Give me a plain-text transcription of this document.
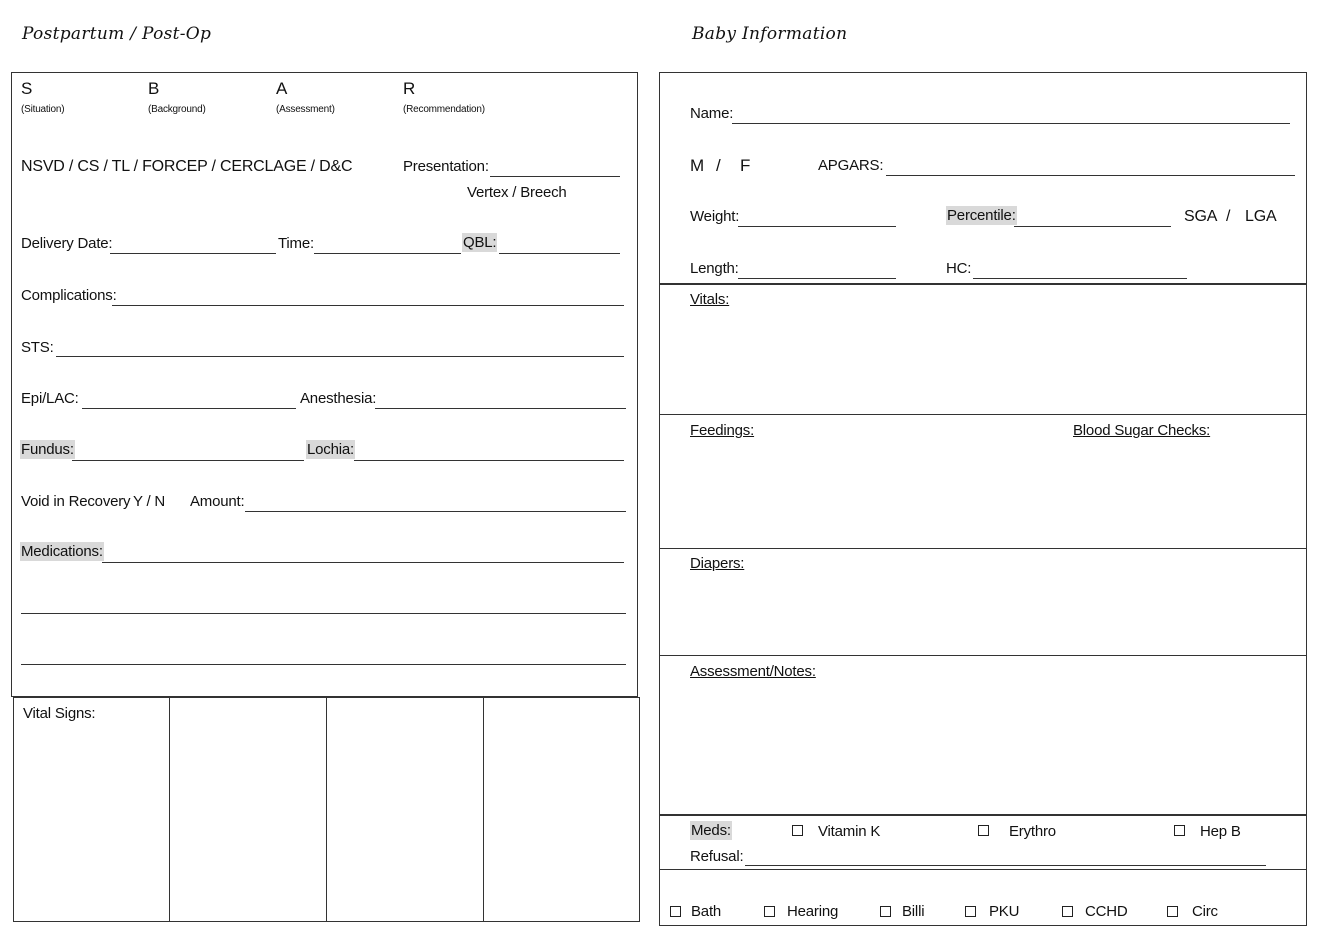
Postpartum / Post-Op
S
(Situation)
B
(Background)
A
(Assessment)
R
(Recommendation)
NSVD / CS / TL / FORCEP / CERCLAGE / D&C	Presentation:
Vertex / Breech
Delivery Date:	Time:	QBL:
Complications:
STS:
Epi/LAC:	Anesthesia:
Fundus:	Lochia:
Void in Recovery Y / N Amount:
Medications:
Vital Signs:
Baby Information
Name:
M / F	APGARS:
Weight:	Percentile:	SGA / LGA
Length:	HC:
Vitals:
Feedings:	Blood Sugar Checks:
Diapers:
Assessment/Notes:
Meds:	Vitamin K	Erythro	Hep B
Refusal:
Bath	Hearing	Billi	PKU	CCHD	Circ
